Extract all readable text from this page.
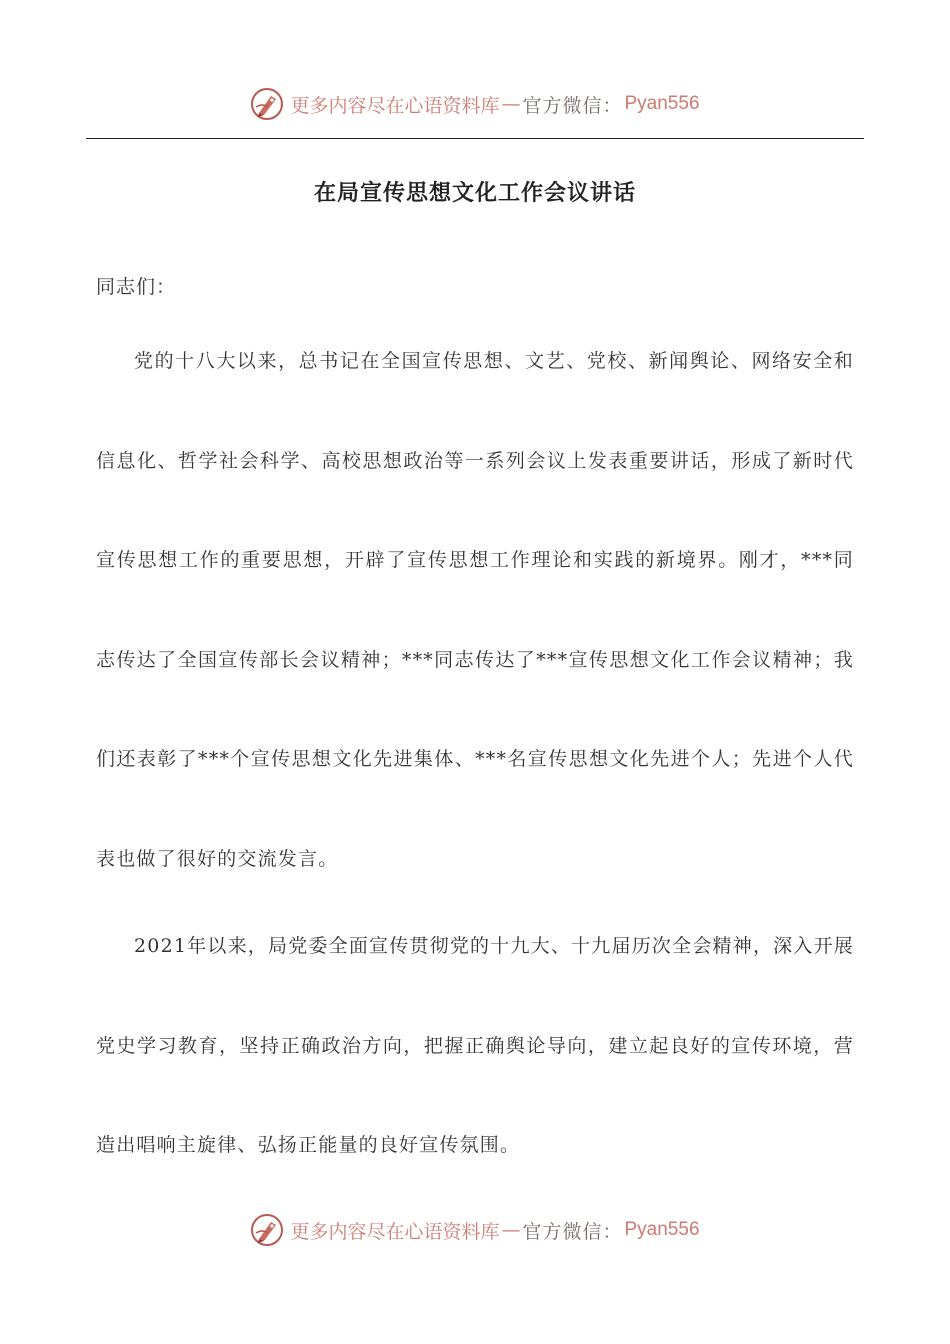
更多内容尽在心语资料库 — 官方微信： Pyan556
在局宣传思想文化工作会议讲话

同志们：

党的十八大以来，总书记在全国宣传思想、文艺、党校、新闻舆论、网络安全和信息化、哲学社会科学、高校思想政治等一系列会议上发表重要讲话，形成了新时代宣传思想工作的重要思想，开辟了宣传思想工作理论和实践的新境界。刚才，***同志传达了全国宣传部长会议精神；***同志传达了***宣传思想文化工作会议精神；我们还表彰了***个宣传思想文化先进集体、***名宣传思想文化先进个人；先进个人代表也做了很好的交流发言。

2021年以来，局党委全面宣传贯彻党的十九大、十九届历次全会精神，深入开展党史学习教育，坚持正确政治方向，把握正确舆论导向，建立起良好的宣传环境，营造出唱响主旋律、弘扬正能量的良好宣传氛围。

更多内容尽在心语资料库 — 官方微信： Pyan556
